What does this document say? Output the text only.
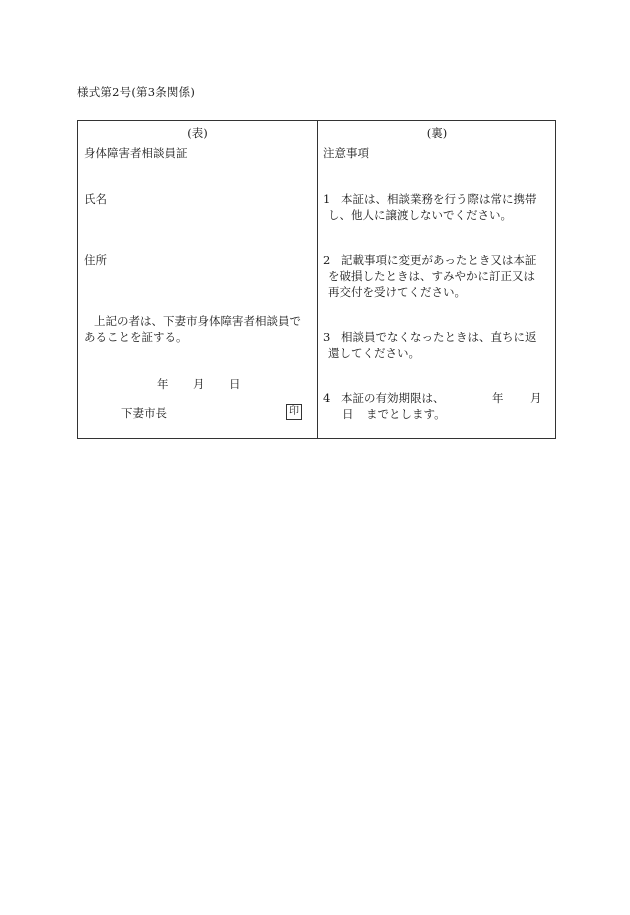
様式第2号(第3条関係)
(表)
身体障害者相談員証
氏名
住所
上記の者は、下妻市身体障害者相談員で
あることを証する。
年 月 日
下妻市長	印
(裏)
注意事項
1 本証は、相談業務を行う際は常に携帯
し、他人に譲渡しないでください。
2 記載事項に変更があったとき又は本証
を破損したときは、すみやかに訂正又は
再交付を受けてください。
3 相談員でなくなったときは、直ちに返
還してください。
4 本証の有効期限は、	年 月
日 までとします。
